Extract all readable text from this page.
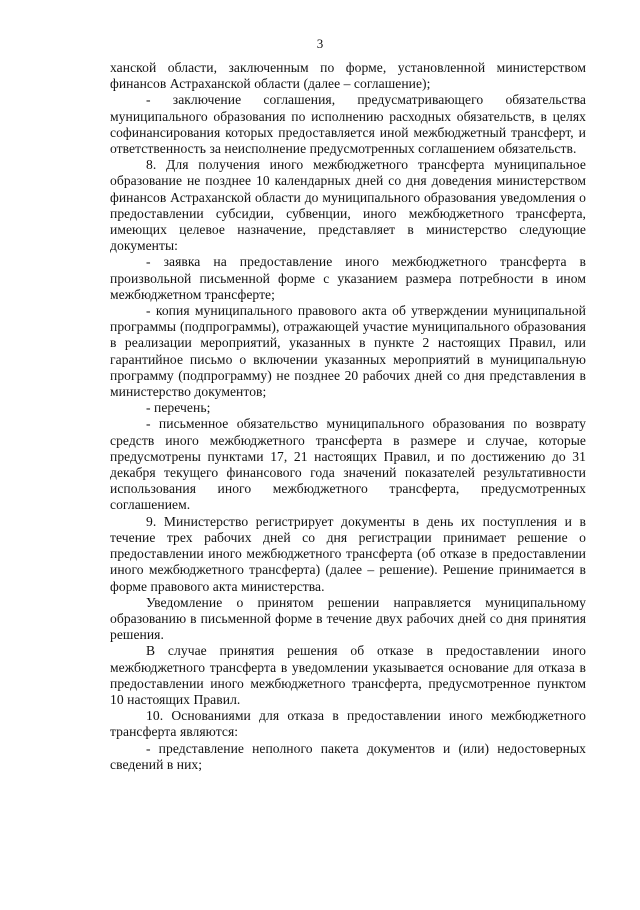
3

ханской области, заключенным по форме, установленной министерством финансов Астраханской области (далее – соглашение);

- заключение соглашения, предусматривающего обязательства муниципального образования по исполнению расходных обязательств, в целях софинансирования которых предоставляется иной межбюджетный трансферт, и ответственность за неисполнение предусмотренных соглашением обязательств.

8. Для получения иного межбюджетного трансферта муниципальное образование не позднее 10 календарных дней со дня доведения министерством финансов Астраханской области до муниципального образования уведомления о предоставлении субсидии, субвенции, иного межбюджетного трансферта, имеющих целевое назначение, представляет в министерство следующие документы:

- заявка на предоставление иного межбюджетного трансферта в произвольной письменной форме с указанием размера потребности в ином межбюджетном трансферте;

- копия муниципального правового акта об утверждении муниципальной программы (подпрограммы), отражающей участие муниципального образования в реализации мероприятий, указанных в пункте 2 настоящих Правил, или гарантийное письмо о включении указанных мероприятий в муниципальную программу (подпрограмму) не позднее 20 рабочих дней со дня представления в министерство документов;

- перечень;

- письменное обязательство муниципального образования по возврату средств иного межбюджетного трансферта в размере и случае, которые предусмотрены пунктами 17, 21 настоящих Правил, и по достижению до 31 декабря текущего финансового года значений показателей результативности использования иного межбюджетного трансферта, предусмотренных соглашением.

9. Министерство регистрирует документы в день их поступления и в течение трех рабочих дней со дня регистрации принимает решение о предоставлении иного межбюджетного трансферта (об отказе в предоставлении иного межбюджетного трансферта) (далее – решение). Решение принимается в форме правового акта министерства.

Уведомление о принятом решении направляется муниципальному образованию в письменной форме в течение двух рабочих дней со дня принятия решения.

В случае принятия решения об отказе в предоставлении иного межбюджетного трансферта в уведомлении указывается основание для отказа в предоставлении иного межбюджетного трансферта, предусмотренное пунктом 10 настоящих Правил.

10. Основаниями для отказа в предоставлении иного межбюджетного трансферта являются:

- представление неполного пакета документов и (или) недостоверных сведений в них;
